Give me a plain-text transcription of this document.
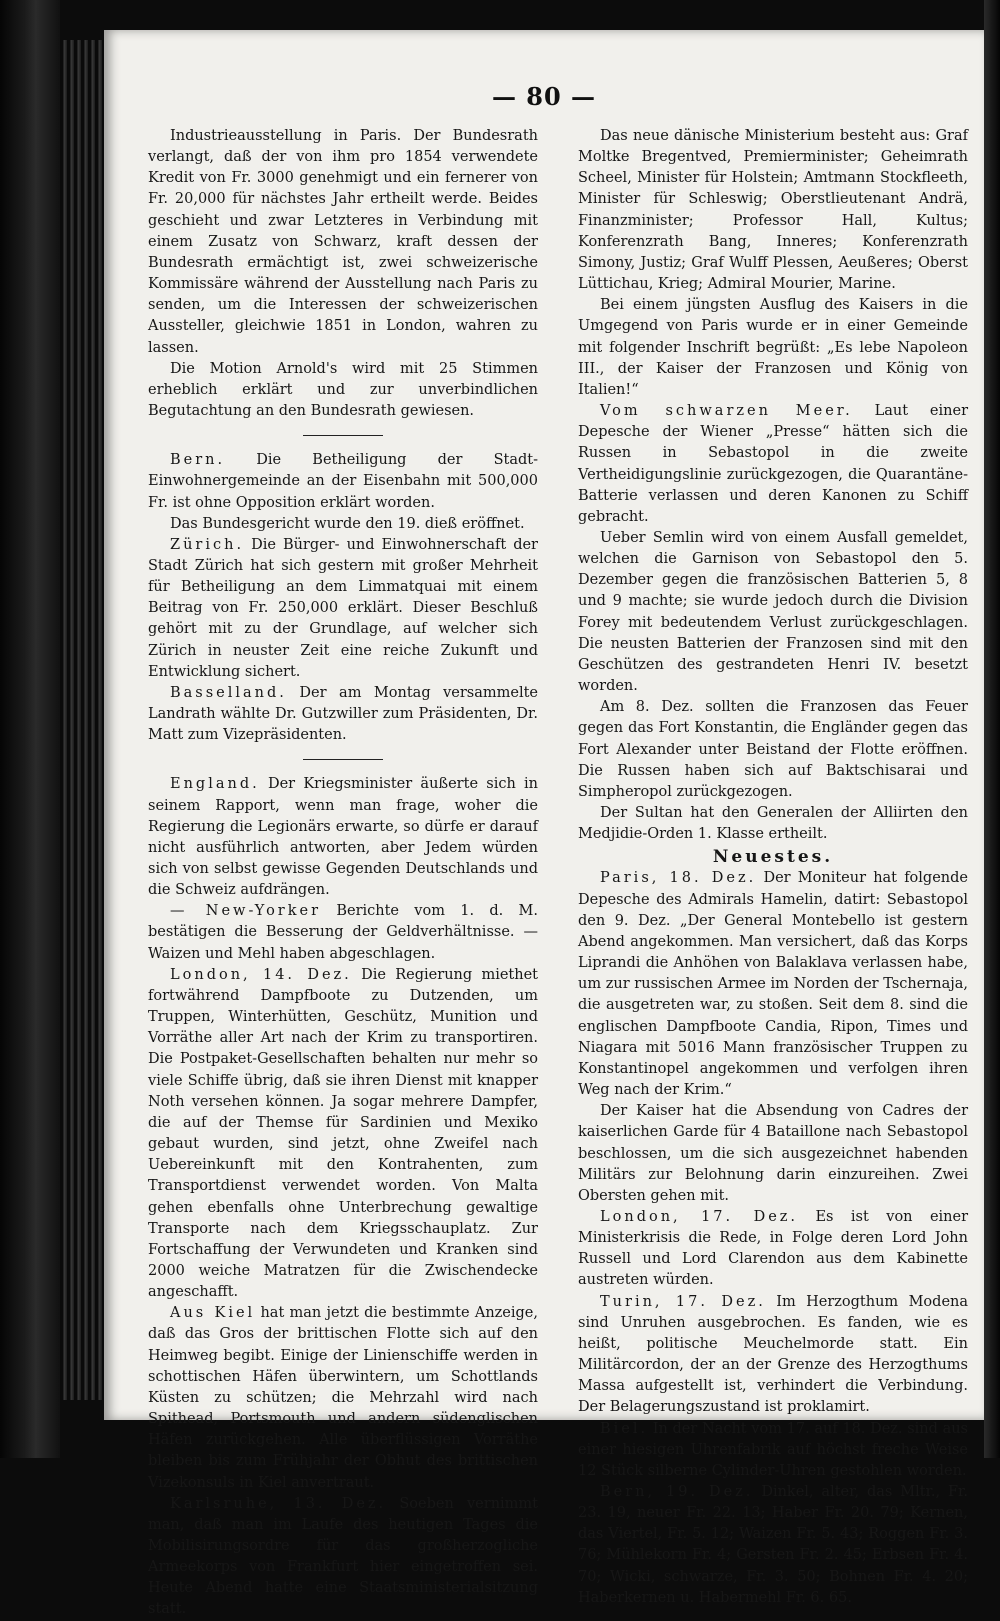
— 80 —

Industrieausstellung in Paris. Der Bundesrath verlangt, daß der von ihm pro 1854 verwendete Kredit von Fr. 3000 genehmigt und ein fernerer von Fr. 20,000 für nächstes Jahr ertheilt werde. Beides geschieht und zwar Letzteres in Verbindung mit einem Zusatz von Schwarz, kraft dessen der Bundesrath ermächtigt ist, zwei schweizerische Kommissäre während der Ausstellung nach Paris zu senden, um die Interessen der schweizerischen Aussteller, gleichwie 1851 in London, wahren zu lassen.

Die Motion Arnold's wird mit 25 Stimmen erheblich erklärt und zur unverbindlichen Begutachtung an den Bundesrath gewiesen.

Bern. Die Betheiligung der Stadt-Einwohnergemeinde an der Eisenbahn mit 500,000 Fr. ist ohne Opposition erklärt worden.

Das Bundesgericht wurde den 19. dieß eröffnet.

Zürich. Die Bürger- und Einwohnerschaft der Stadt Zürich hat sich gestern mit großer Mehrheit für Betheiligung an dem Limmatquai mit einem Beitrag von Fr. 250,000 erklärt. Dieser Beschluß gehört mit zu der Grundlage, auf welcher sich Zürich in neuster Zeit eine reiche Zukunft und Entwicklung sichert.

Basselland. Der am Montag versammelte Landrath wählte Dr. Gutzwiller zum Präsidenten, Dr. Matt zum Vizepräsidenten.

England. Der Kriegsminister äußerte sich in seinem Rapport, wenn man frage, woher die Regierung die Legionärs erwarte, so dürfe er darauf nicht ausführlich antworten, aber Jedem würden sich von selbst gewisse Gegenden Deutschlands und die Schweiz aufdrängen.

— New-Yorker Berichte vom 1. d. M. bestätigen die Besserung der Geldverhältnisse. — Waizen und Mehl haben abgeschlagen.

London, 14. Dez. Die Regierung miethet fortwährend Dampfboote zu Dutzenden, um Truppen, Winterhütten, Geschütz, Munition und Vorräthe aller Art nach der Krim zu transportiren. Die Postpaket-Gesellschaften behalten nur mehr so viele Schiffe übrig, daß sie ihren Dienst mit knapper Noth versehen können. Ja sogar mehrere Dampfer, die auf der Themse für Sardinien und Mexiko gebaut wurden, sind jetzt, ohne Zweifel nach Uebereinkunft mit den Kontrahenten, zum Transportdienst verwendet worden. Von Malta gehen ebenfalls ohne Unterbrechung gewaltige Transporte nach dem Kriegsschauplatz. Zur Fortschaffung der Verwundeten und Kranken sind 2000 weiche Matratzen für die Zwischendecke angeschafft.

Aus Kiel hat man jetzt die bestimmte Anzeige, daß das Gros der brittischen Flotte sich auf den Heimweg begibt. Einige der Linienschiffe werden in schottischen Häfen überwintern, um Schottlands Küsten zu schützen; die Mehrzahl wird nach Spithead, Portsmouth und andern südenglischen Häfen zurückgehen. Alle überflüssigen Vorräthe bleiben bis zum Frühjahr der Obhut des brittischen Vizekonsuls in Kiel anvertraut.

Karlsruhe, 13. Dez. Soeben vernimmt man, daß man im Laufe des heutigen Tages die Mobilisirungsordre für das großherzogliche Armeekorps von Frankfurt hier eingetroffen sei. Heute Abend hatte eine Staatsministerialsitzung statt.

Das neue dänische Ministerium besteht aus: Graf Moltke Bregentved, Premierminister; Geheimrath Scheel, Minister für Holstein; Amtmann Stockfleeth, Minister für Schleswig; Oberstlieutenant Andrä, Finanzminister; Professor Hall, Kultus; Konferenzrath Bang, Inneres; Konferenzrath Simony, Justiz; Graf Wulff Plessen, Aeußeres; Oberst Lüttichau, Krieg; Admiral Mourier, Marine.

Bei einem jüngsten Ausflug des Kaisers in die Umgegend von Paris wurde er in einer Gemeinde mit folgender Inschrift begrüßt: „Es lebe Napoleon III., der Kaiser der Franzosen und König von Italien!“

Vom schwarzen Meer. Laut einer Depesche der Wiener „Presse“ hätten sich die Russen in Sebastopol in die zweite Vertheidigungslinie zurückgezogen, die Quarantäne-Batterie verlassen und deren Kanonen zu Schiff gebracht.

Ueber Semlin wird von einem Ausfall gemeldet, welchen die Garnison von Sebastopol den 5. Dezember gegen die französischen Batterien 5, 8 und 9 machte; sie wurde jedoch durch die Division Forey mit bedeutendem Verlust zurückgeschlagen. Die neusten Batterien der Franzosen sind mit den Geschützen des gestrandeten Henri IV. besetzt worden.

Am 8. Dez. sollten die Franzosen das Feuer gegen das Fort Konstantin, die Engländer gegen das Fort Alexander unter Beistand der Flotte eröffnen. Die Russen haben sich auf Baktschisarai und Simpheropol zurückgezogen.

Der Sultan hat den Generalen der Alliirten den Medjidie-Orden 1. Klasse ertheilt.

Neuestes.

Paris, 18. Dez. Der Moniteur hat folgende Depesche des Admirals Hamelin, datirt: Sebastopol den 9. Dez. „Der General Montebello ist gestern Abend angekommen. Man versichert, daß das Korps Liprandi die Anhöhen von Balaklava verlassen habe, um zur russischen Armee im Norden der Tschernaja, die ausgetreten war, zu stoßen. Seit dem 8. sind die englischen Dampfboote Candia, Ripon, Times und Niagara mit 5016 Mann französischer Truppen zu Konstantinopel angekommen und verfolgen ihren Weg nach der Krim.“

Der Kaiser hat die Absendung von Cadres der kaiserlichen Garde für 4 Bataillone nach Sebastopol beschlossen, um die sich ausgezeichnet habenden Militärs zur Belohnung darin einzureihen. Zwei Obersten gehen mit.

London, 17. Dez. Es ist von einer Ministerkrisis die Rede, in Folge deren Lord John Russell und Lord Clarendon aus dem Kabinette austreten würden.

Turin, 17. Dez. Im Herzogthum Modena sind Unruhen ausgebrochen. Es fanden, wie es heißt, politische Meuchelmorde statt. Ein Militärcordon, der an der Grenze des Herzogthums Massa aufgestellt ist, verhindert die Verbindung. Der Belagerungszustand ist proklamirt.

Biel. In der Nacht vom 17. auf 18. Dez. sind aus einer hiesigen Uhrenfabrik auf höchst freche Weise 12 Stück silberne Cylinder-Uhren gestohlen worden.

Bern, 19. Dez. Dinkel, alter, das Mltr., Fr. 23. 19, neuer Fr. 22. 13; Haber Fr. 20. 79; Kernen, das Viertel, Fr. 5. 12; Waizen Fr. 5. 43; Roggen Fr. 3. 76; Mühlekorn Fr. 4; Gersten Fr. 2. 45; Erbsen Fr. 4. 70; Wicki, schwarze, Fr. 3. 50; Bohnen Fr. 4. 20; Haberkernen u. Habermehl Fr. 6. 65.
